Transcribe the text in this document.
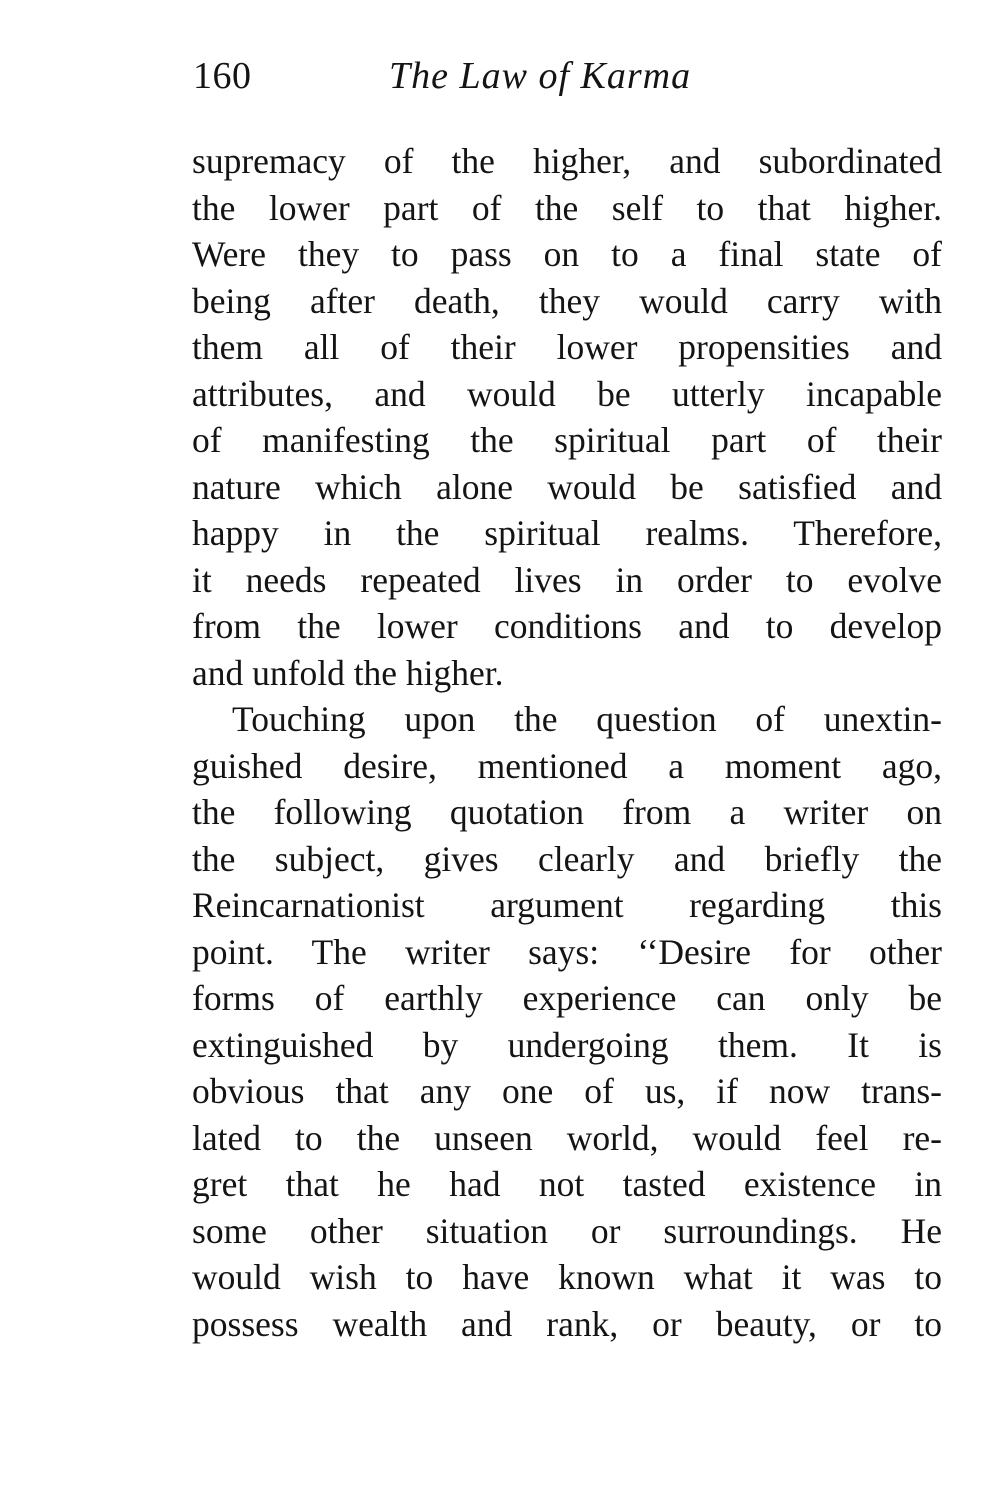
160	The Law of Karma
supremacy of the higher, and subordinated
the lower part of the self to that higher.
Were they to pass on to a final state of
being after death, they would carry with
them all of their lower propensities and
attributes, and would be utterly incapable
of manifesting the spiritual part of their
nature which alone would be satisfied and
happy in the spiritual realms. Therefore,
it needs repeated lives in order to evolve
from the lower conditions and to develop
and unfold the higher.
Touching upon the question of unextin-
guished desire, mentioned a moment ago,
the following quotation from a writer on
the subject, gives clearly and briefly the
Reincarnationist argument regarding this
point. The writer says: ‘‘Desire for other
forms of earthly experience can only be
extinguished by undergoing them. It is
obvious that any one of us, if now trans-
lated to the unseen world, would feel re-
gret that he had not tasted existence in
some other situation or surroundings. He
would wish to have known what it was to
possess wealth and rank, or beauty, or to
